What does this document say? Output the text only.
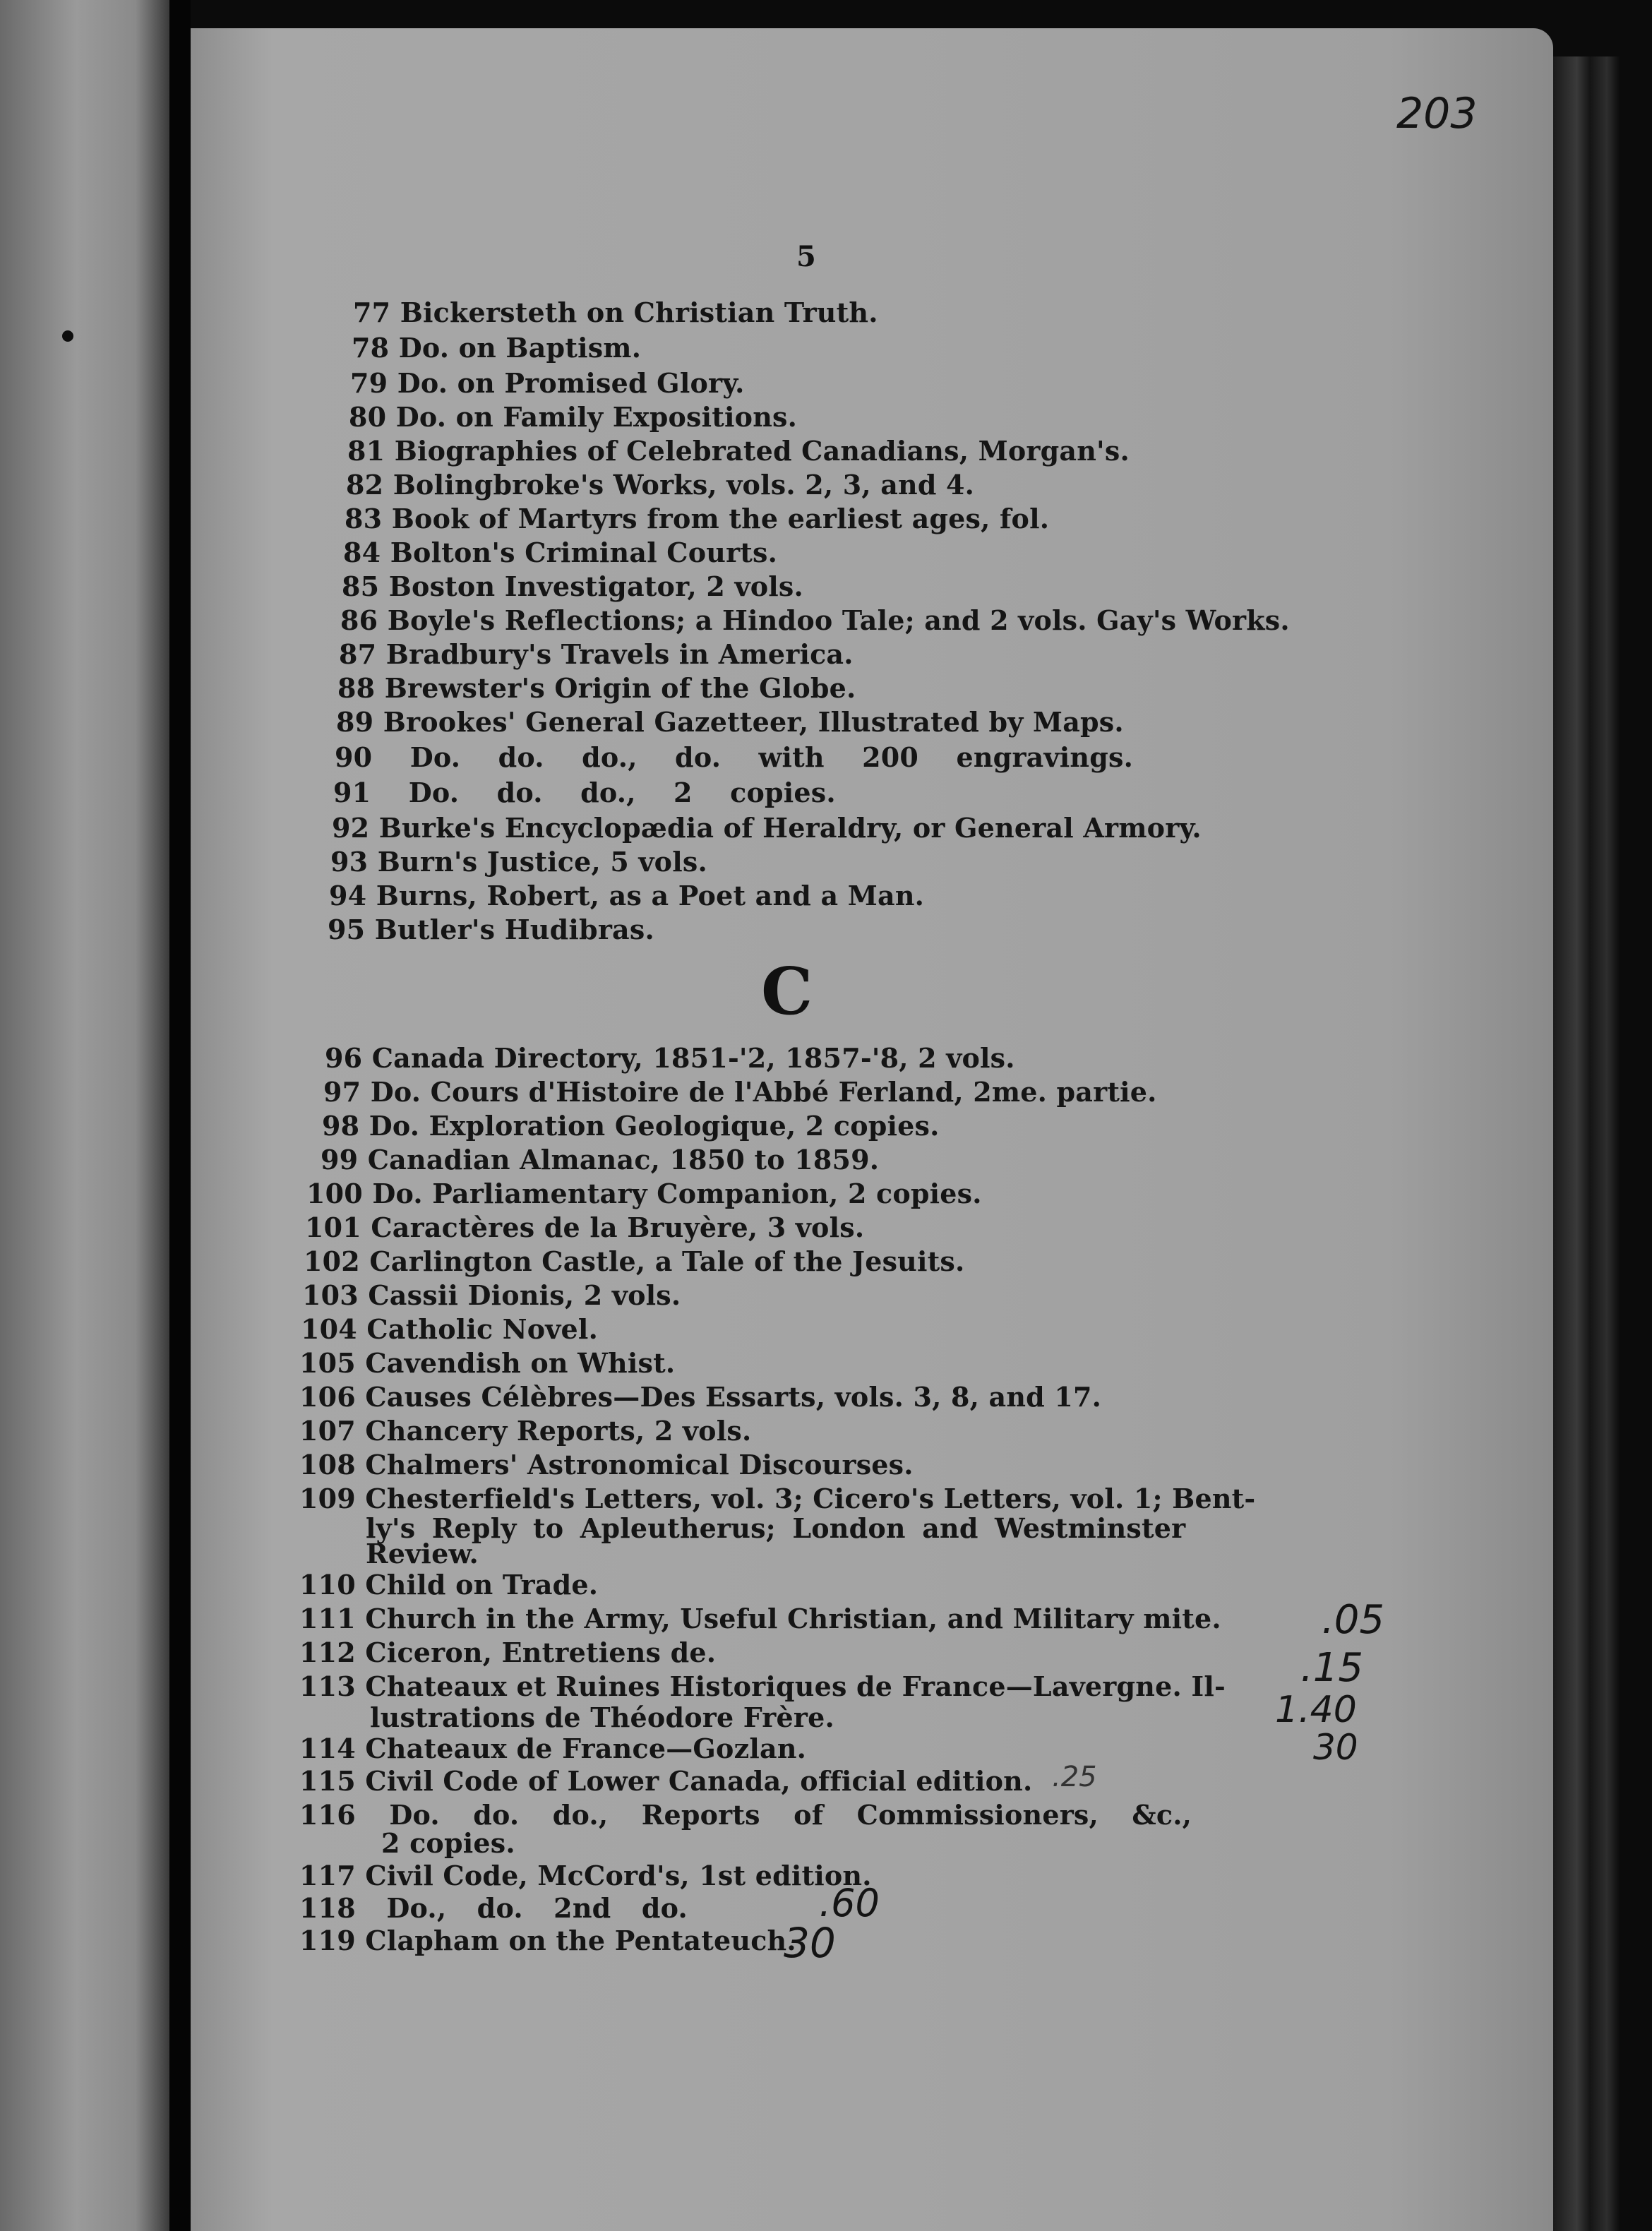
203
5
77 Bickersteth on Christian Truth.
78 Do. on Baptism.
79 Do. on Promised Glory.
80 Do. on Family Expositions.
81 Biographies of Celebrated Canadians, Morgan's.
82 Bolingbroke's Works, vols. 2, 3, and 4.
83 Book of Martyrs from the earliest ages, fol.
84 Bolton's Criminal Courts.
85 Boston Investigator, 2 vols.
86 Boyle's Reflections; a Hindoo Tale; and 2 vols. Gay's Works.
87 Bradbury's Travels in America.
88 Brewster's Origin of the Globe.
89 Brookes' General Gazetteer, Illustrated by Maps.
90 Do. do. do., do. with 200 engravings.
91 Do. do. do., 2 copies.
92 Burke's Encyclopædia of Heraldry, or General Armory.
93 Burn's Justice, 5 vols.
94 Burns, Robert, as a Poet and a Man.
95 Butler's Hudibras.
C
96 Canada Directory, 1851-'2, 1857-'8, 2 vols.
97 Do. Cours d'Histoire de l'Abbé Ferland, 2me. partie.
98 Do. Exploration Geologique, 2 copies.
99 Canadian Almanac, 1850 to 1859.
100 Do. Parliamentary Companion, 2 copies.
101 Caractères de la Bruyère, 3 vols.
102 Carlington Castle, a Tale of the Jesuits.
103 Cassii Dionis, 2 vols.
104 Catholic Novel.
105 Cavendish on Whist.
106 Causes Célèbres—Des Essarts, vols. 3, 8, and 17.
107 Chancery Reports, 2 vols.
108 Chalmers' Astronomical Discourses.
109 Chesterfield's Letters, vol. 3; Cicero's Letters, vol. 1; Bent-
ly's Reply to Apleutherus; London and Westminster
Review.
110 Child on Trade.
111 Church in the Army, Useful Christian, and Military mite.
112 Ciceron, Entretiens de.
113 Chateaux et Ruines Historiques de France—Lavergne. Il-
lustrations de Théodore Frère.
114 Chateaux de France—Gozlan.
115 Civil Code of Lower Canada, official edition.
116 Do. do. do., Reports of Commissioners, &c.,
2 copies.
117 Civil Code, McCord's, 1st edition.
118 Do., do. 2nd do.
119 Clapham on the Pentateuch.
.05
.15
1.40
30
.25
.60
30
